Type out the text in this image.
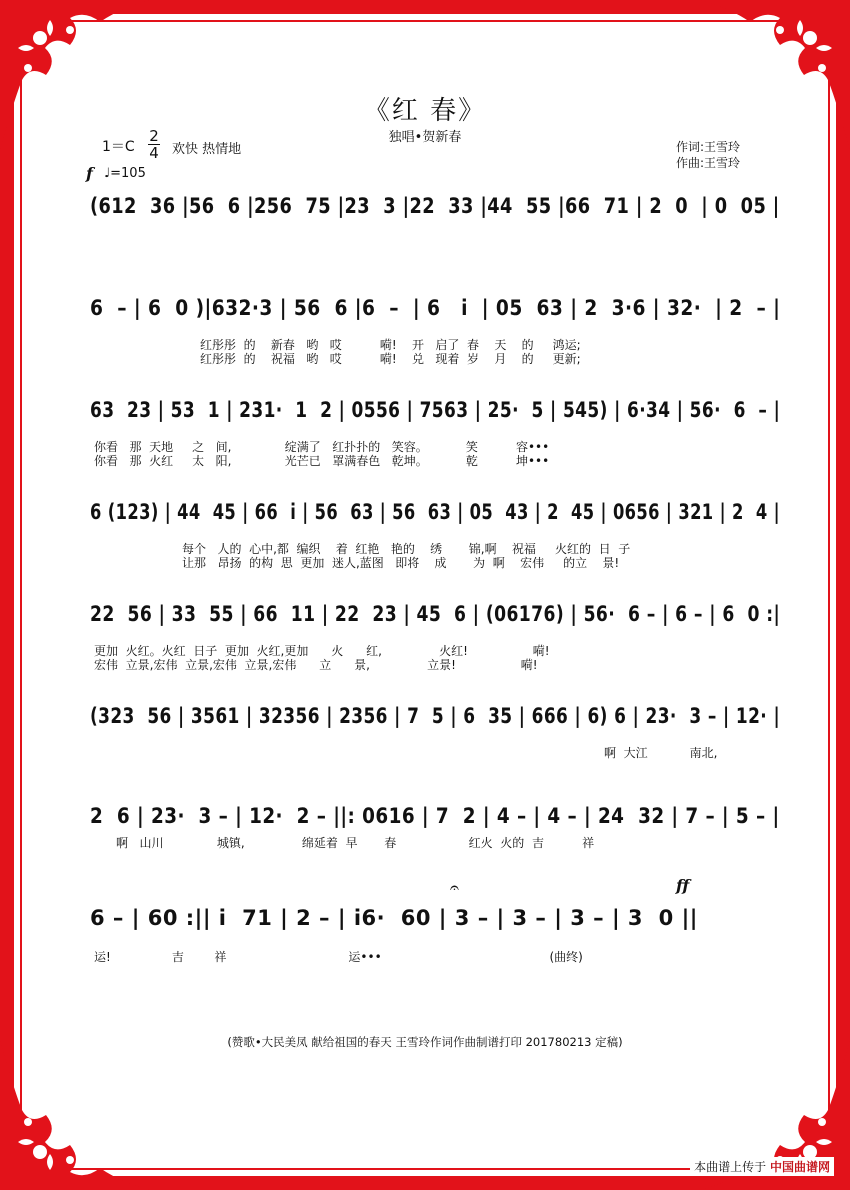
《红 春》
独唱•贺新春
1＝C
2
4 欢快 热情地
f ♩=105
作词:王雪玲
作曲:王雪玲
(612  36 |56  6 |256  75 |23  3 |22  33 |44  55 |66  71 | 2  0  | 0  05 |
6  – | 6  0 )|632·3 | 56  6 |6  –  | 6   i  | 05  63 | 2  3·6 | 32·  | 2  – |
红彤彤  的    新春   哟   哎          嗬!    开   启了  春    天    的     鸿运;
红彤彤  的    祝福   哟   哎          嗬!    兑   现着  岁    月    的     更新;
63  23 | 53  1 | 231·  1  2 | 0556 | 7563 | 25·  5 | 545) | 6·34 | 56·  6  – |
你看   那  天地     之   间,              绽满了   红扑扑的   笑容。          笑          容•••
你看   那  火红     太   阳,              光芒已   罩满春色   乾坤。          乾          坤•••
6 (123) | 44  45 | 66  i | 56  63 | 56  63 | 05  43 | 2  45 | 0656 | 321 | 2  4 |
每个   人的  心中,都  编织    着  红艳   艳的    绣       锦,啊    祝福     火红的  日  子
让那   昂扬  的构  思  更加  迷人,蓝图   即将    成       为  啊    宏伟     的立    景!
22  56 | 33  55 | 66  11 | 22  23 | 45  6 | (06176) | 56·  6 – | 6 – | 6  0 :|
更加  火红。火红  日子  更加  火红,更加      火      红,               火红!                 嗬!
宏伟  立景,宏伟  立景,宏伟  立景,宏伟      立      景,               立景!                 嗬!
(323  56 | 3561 | 32356 | 2356 | 7  5 | 6  35 | 666 | 6) 6 | 23·  3 – | 12· |
啊  大江           南北,
2  6 | 23·  3 – | 12·  2 – ||: 0616 | 7  2 | 4 – | 4 – | 24  32 | 7 – | 5 – |
啊   山川              城镇,               绵延着  早       春                   红火  火的  吉          祥
𝄐	ff
6 – | 60 :|| i  71 | 2 – | i6·  60 | 3 – | 3 – | 3 – | 3  0 ||
运!                吉        祥                                运•••                                            (曲终)
(赞歌•大民美凤 献给祖国的春天 王雪玲作词作曲制谱打印 201780213 定稿)
本曲谱上传于 中国曲谱网
